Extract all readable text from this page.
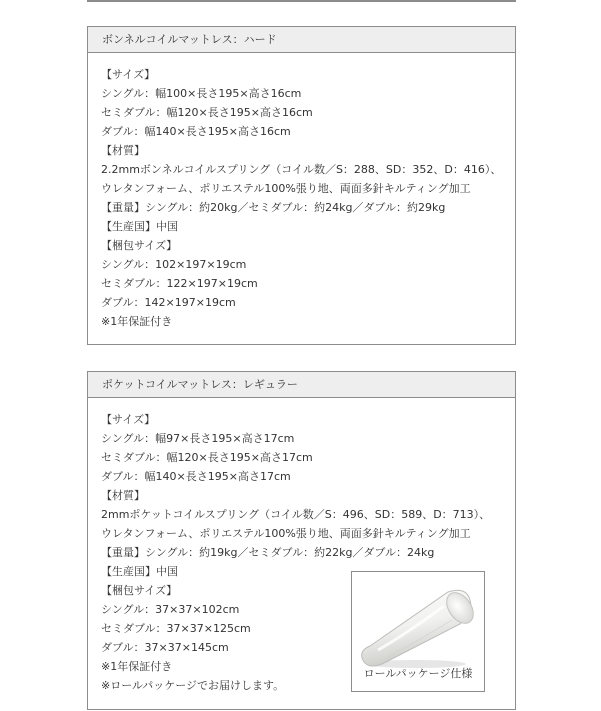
ボンネルコイルマットレス：ハード
【サイズ】
シングル：幅100×長さ195×高さ16cm
セミダブル：幅120×長さ195×高さ16cm
ダブル：幅140×長さ195×高さ16cm
【材質】
2.2mmボンネルコイルスプリング（コイル数／S：288、SD：352、D：416）、
ウレタンフォーム、ポリエステル100%張り地、両面多針キルティング加工
【重量】シングル：約20kg／セミダブル：約24kg／ダブル：約29kg
【生産国】中国
【梱包サイズ】
シングル：102×197×19cm
セミダブル：122×197×19cm
ダブル：142×197×19cm
※1年保証付き
ポケットコイルマットレス：レギュラー
【サイズ】
シングル：幅97×長さ195×高さ17cm
セミダブル：幅120×長さ195×高さ17cm
ダブル：幅140×長さ195×高さ17cm
【材質】
2mmポケットコイルスプリング（コイル数／S：496、SD：589、D：713）、
ウレタンフォーム、ポリエステル100%張り地、両面多針キルティング加工
【重量】シングル：約19kg／セミダブル：約22kg／ダブル：24kg
【生産国】中国
【梱包サイズ】
シングル：37×37×102cm
セミダブル：37×37×125cm
ダブル：37×37×145cm
※1年保証付き
※ロールパッケージでお届けします。
ロールパッケージ仕様
